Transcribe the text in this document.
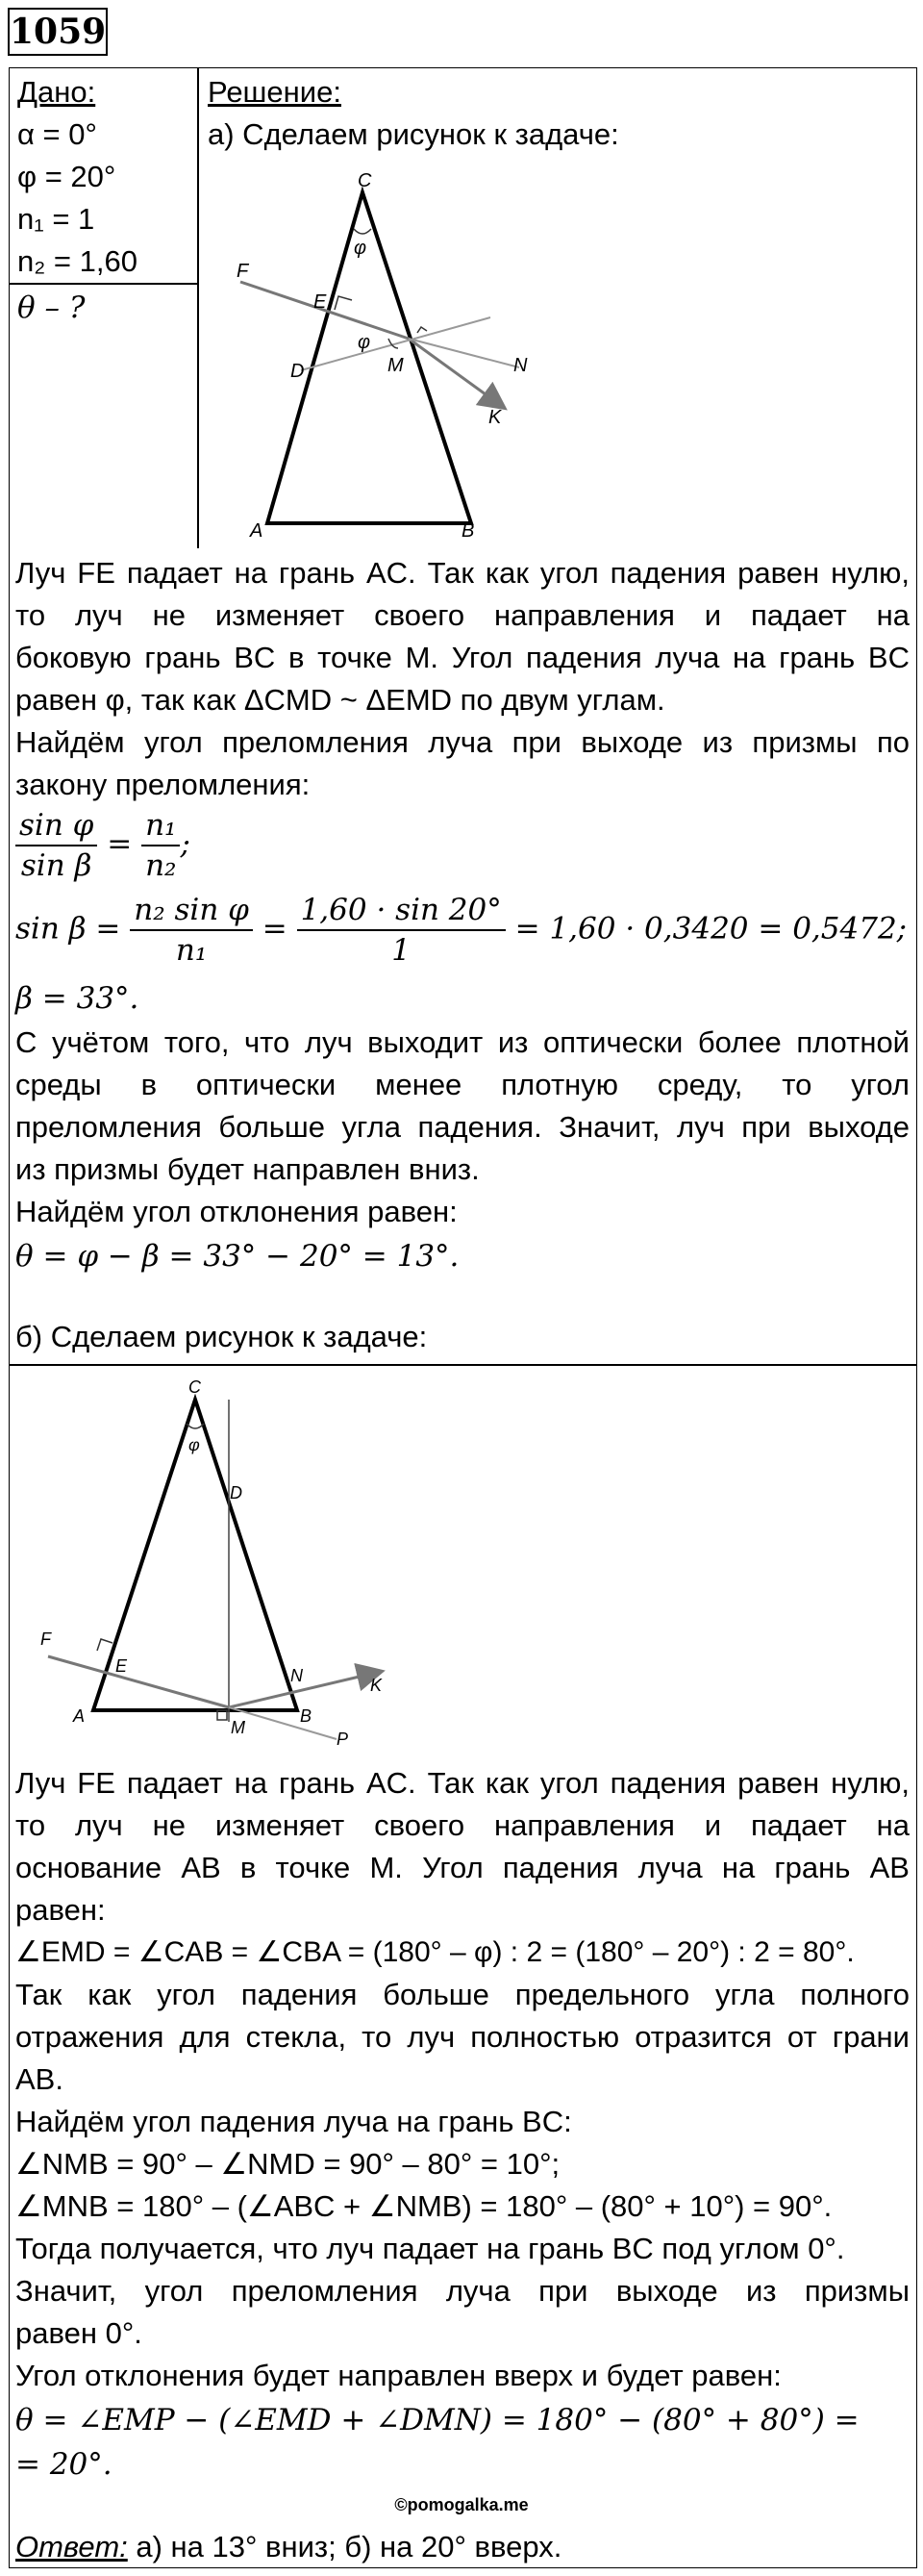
1059
Дано:
α = 0°
φ = 20°
n₁ = 1
n₂ = 1,60
θ – ?
Решение:
а) Сделаем рисунок к задаче:
C
F
E
D
φ
φ
M	N
K
A	B
Луч FE падает на грань AC. Так как угол падения равен нулю,
то луч не изменяет своего направления и падает на
боковую грань BC в точке M. Угол падения луча на грань BC
равен φ, так как ΔCMD ~ ΔEMD по двум углам.
Найдём угол преломления луча при выходе из призмы по
закону преломления:
$\frac{\text{sin φ}}{\text{sin β}} = \frac{\text{n₁}}{\text{n₂}}$ ;
$\sin \beta = \frac{\text{n₂ sin φ}}{\text{n₁}} = \frac{1,60 \cdot \sin 20^\circ}{1} = 1,60 \cdot 0,3420 = 0,5472$;
β = 33°.
С учётом того, что луч выходит из оптически более плотной
среды в оптически менее плотную среду, то угол
преломления больше угла падения. Значит, луч при выходе
из призмы будет направлен вниз.
Найдём угол отклонения равен:
θ = φ − β = 33° − 20° = 13°.
б) Сделаем рисунок к задаче:
C
φ
D
F
E	N	K
A
M
B
P
Луч FE падает на грань AC. Так как угол падения равен нулю,
то луч не изменяет своего направления и падает на
основание AB в точке M. Угол падения луча на грань AB
равен:
∠EMD = ∠CAB = ∠CBA = (180° – φ) : 2 = (180° – 20°) : 2 = 80°.
Так как угол падения больше предельного угла полного
отражения для стекла, то луч полностью отразится от грани
AB.
Найдём угол падения луча на грань BC:
∠NMB = 90° – ∠NMD = 90° – 80° = 10°;
∠MNB = 180° – (∠ABC + ∠NMB) = 180° – (80° + 10°) = 90°.
Тогда получается, что луч падает на грань BC под углом 0°.
Значит, угол преломления луча при выходе из призмы
равен 0°.
Угол отклонения будет направлен вверх и будет равен:
θ = ∠EMP − (∠EMD + ∠DMN) = 180° − (80° + 80°) =
= 20°.
©pomogalka.me
Ответ: а) на 13° вниз; б) на 20° вверх.
